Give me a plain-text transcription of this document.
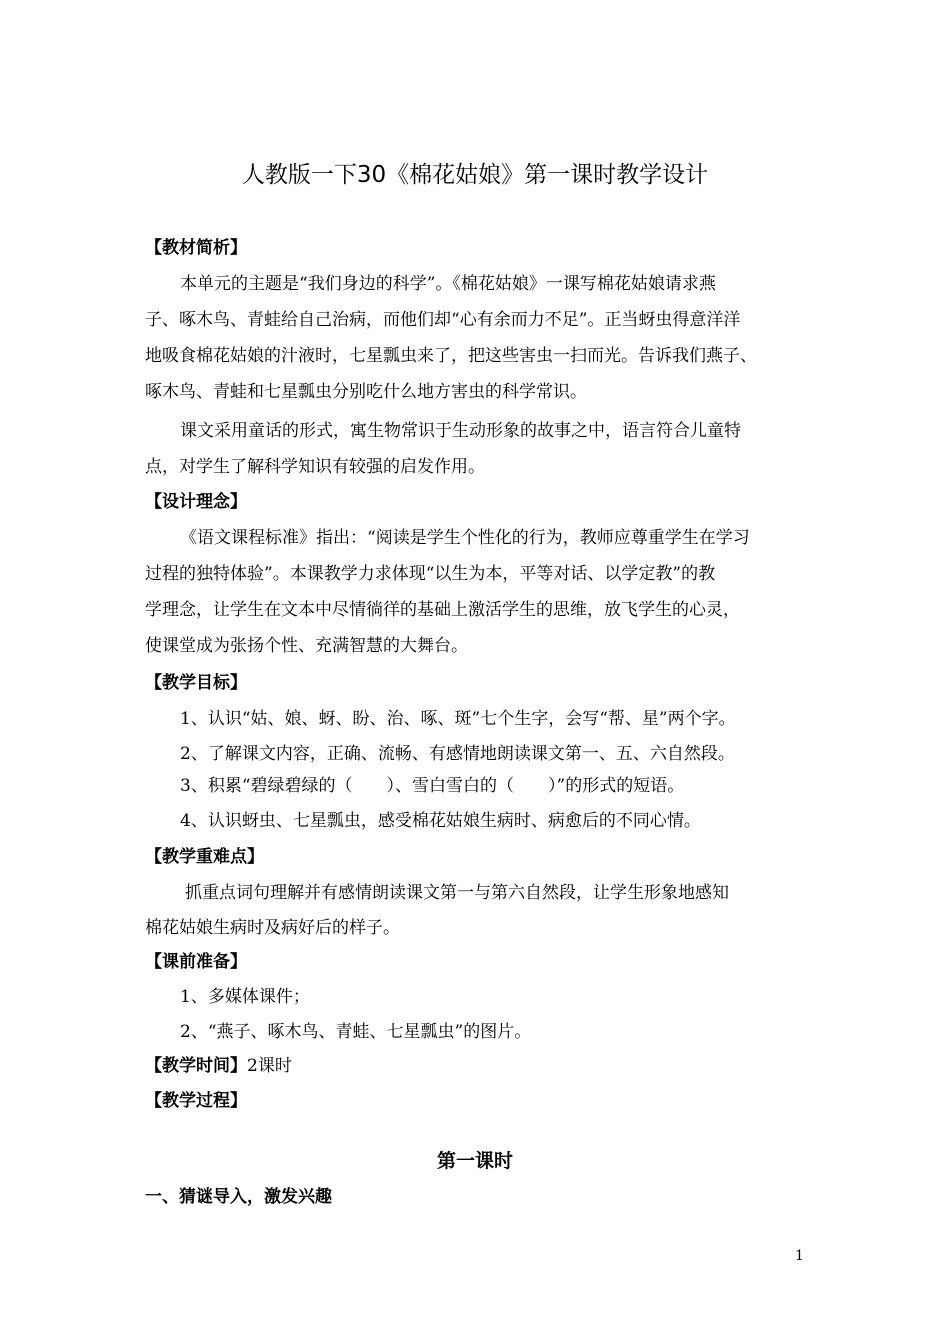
人教版一下30《棉花姑娘》第一课时教学设计
【教材简析】
本单元的主题是“我们身边的科学”。《棉花姑娘》一课写棉花姑娘请求燕
子、啄木鸟、青蛙给自己治病，而他们却“心有余而力不足”。正当蚜虫得意洋洋
地吸食棉花姑娘的汁液时，七星瓢虫来了，把这些害虫一扫而光。告诉我们燕子、
啄木鸟、青蛙和七星瓢虫分别吃什么地方害虫的科学常识。
课文采用童话的形式，寓生物常识于生动形象的故事之中，语言符合儿童特
点，对学生了解科学知识有较强的启发作用。
【设计理念】
《语文课程标准》指出：“阅读是学生个性化的行为，教师应尊重学生在学习
过程的独特体验”。本课教学力求体现“以生为本，平等对话、以学定教”的教
学理念，让学生在文本中尽情徜徉的基础上激活学生的思维，放飞学生的心灵，
使课堂成为张扬个性、充满智慧的大舞台。
【教学目标】
1、认识“姑、娘、蚜、盼、治、啄、斑”七个生字，会写“帮、星”两个字。
2、了解课文内容，正确、流畅、有感情地朗读课文第一、五、六自然段。
3、积累“碧绿碧绿的（　　）、雪白雪白的（　　）”的形式的短语。
4、认识蚜虫、七星瓢虫，感受棉花姑娘生病时、病愈后的不同心情。
【教学重难点】
抓重点词句理解并有感情朗读课文第一与第六自然段，让学生形象地感知
棉花姑娘生病时及病好后的样子。
【课前准备】
1、多媒体课件；
2、“燕子、啄木鸟、青蛙、七星瓢虫”的图片。
【教学时间】2课时
【教学过程】
第一课时
一、猜谜导入，激发兴趣
1
